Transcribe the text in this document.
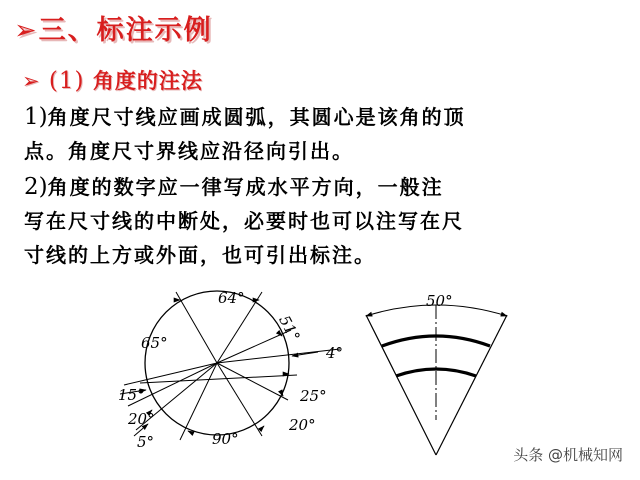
➢三、标注示例
➢ (1) 角度的注法
1)角度尺寸线应画成圆弧，其圆心是该角的顶
点。角度尺寸界线应沿径向引出。
2)角度的数字应一律写成水平方向，一般注
写在尺寸线的中断处，必要时也可以注写在尺
寸线的上方或外面，也可引出标注。
64°
51°
4°
65°
15°	25°
20°	20°
5°	90°
50°
头条 @机械知网
